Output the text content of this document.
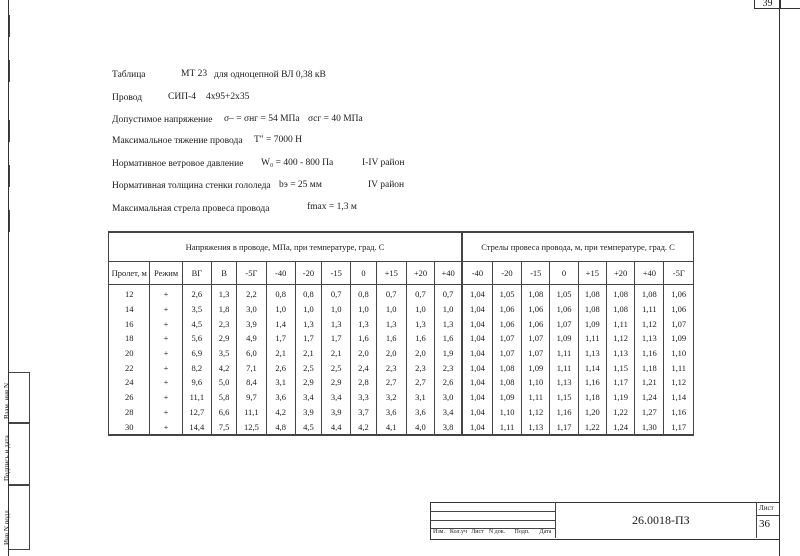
39
Таблица	МТ 23 для одноцепной ВЛ 0,38 кВ
Провод	СИП-4 4х95+2х35
Допустимое напряжение σ– = σнг = 54 МПа σсг = 40 МПа
Максимальное тяжение провода Т" = 7000 Н
Нормативное ветровое давление W₀ = 400 - 800 Па	I-IV район
Нормативная толщина стенки гололеда bэ = 25 мм	IV район
Максимальная стрела провеса провода	fmax = 1,3 м
Напряжения в проводе, МПа, при температуре, град. С												Стрелы провеса провода, м, при температуре, град. С							
Пролет, м	Режим	ВГ	В	-5Г	-40	-20	-15	0	+15	+20	+40	-40	-20	-15	0	+15	+20	+40	-5Г
12	+	2,6	1,3	2,2	0,8	0,8	0,7	0,8	0,7	0,7	0,7	1,04	1,05	1,08	1,05	1,08	1,08	1,08	1,06
14	+	3,5	1,8	3,0	1,0	1,0	1,0	1,0	1,0	1,0	1,0	1,04	1,06	1,06	1,06	1,08	1,08	1,11	1,06
16	+	4,5	2,3	3,9	1,4	1,3	1,3	1,3	1,3	1,3	1,3	1,04	1,06	1,06	1,07	1,09	1,11	1,12	1,07
18	+	5,6	2,9	4,9	1,7	1,7	1,7	1,6	1,6	1,6	1,6	1,04	1,07	1,07	1,09	1,11	1,12	1,13	1,09
20	+	6,9	3,5	6,0	2,1	2,1	2,1	2,0	2,0	2,0	1,9	1,04	1,07	1,07	1,11	1,13	1,13	1,16	1,10
22	+	8,2	4,2	7,1	2,6	2,5	2,5	2,4	2,3	2,3	2,3	1,04	1,08	1,09	1,11	1,14	1,15	1,18	1,11
24	+	9,6	5,0	8,4	3,1	2,9	2,9	2,8	2,7	2,7	2,6	1,04	1,08	1,10	1,13	1,16	1,17	1,21	1,12
26	+	11,1	5,8	9,7	3,6	3,4	3,4	3,3	3,2	3,1	3,0	1,04	1,09	1,11	1,15	1,18	1,19	1,24	1,14
28	+	12,7	6,6	11,1	4,2	3,9	3,9	3,7	3,6	3,6	3,4	1,04	1,10	1,12	1,16	1,20	1,22	1,27	1,16
30	+	14,4	7,5	12,5	4,8	4,5	4,4	4,2	4,1	4,0	3,8	1,04	1,11	1,13	1,17	1,22	1,24	1,30	1,17
Взам. инв N
Подпись и дата
Инв.N подл.	Изм. Кол.уч Лист N док.	Подп.	Дата
26.0018-ПЗ
Лист
36
